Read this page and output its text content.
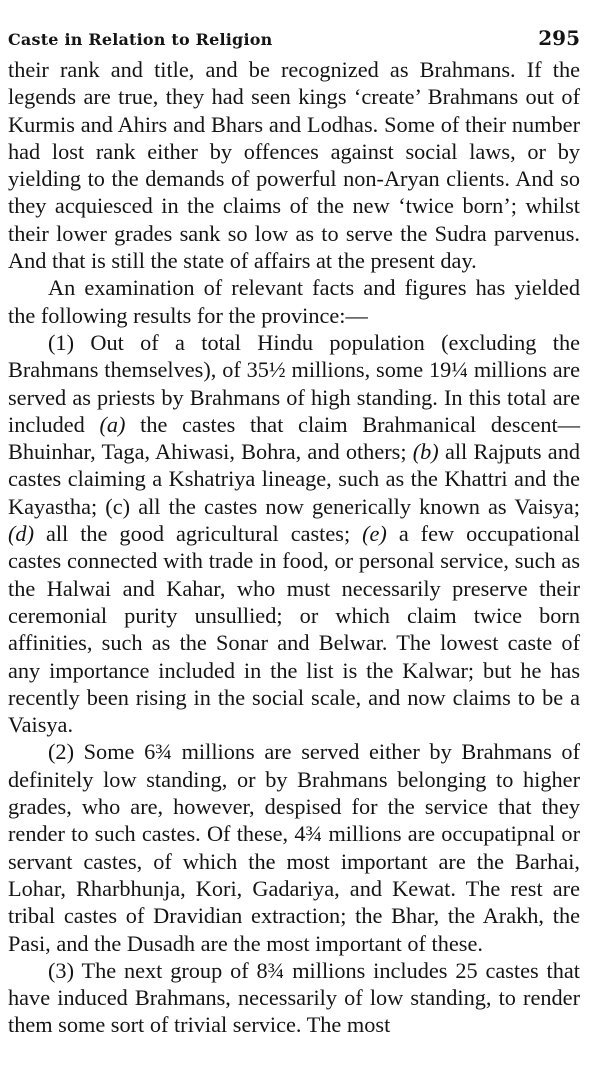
Caste in Relation to Religion	295

their rank and title, and be recognized as Brahmans. If the legends are true, they had seen kings ‘create’ Brahmans out of Kurmis and Ahirs and Bhars and Lodhas. Some of their number had lost rank either by offences against social laws, or by yielding to the demands of powerful non-Aryan clients. And so they acquiesced in the claims of the new ‘twice born’; whilst their lower grades sank so low as to serve the Sudra parvenus. And that is still the state of affairs at the present day.

An examination of relevant facts and figures has yielded the following results for the province:—

(1) Out of a total Hindu population (excluding the Brahmans themselves), of 35½ millions, some 19¼ millions are served as priests by Brahmans of high standing. In this total are included (a) the castes that claim Brahmanical descent—Bhuinhar, Taga, Ahiwasi, Bohra, and others; (b) all Rajputs and castes claiming a Kshatriya lineage, such as the Khattri and the Kayastha; (c) all the castes now generically known as Vaisya; (d) all the good agricultural castes; (e) a few occupational castes connected with trade in food, or personal service, such as the Halwai and Kahar, who must necessarily preserve their ceremonial purity unsullied; or which claim twice born affinities, such as the Sonar and Belwar. The lowest caste of any importance included in the list is the Kalwar; but he has recently been rising in the social scale, and now claims to be a Vaisya.

(2) Some 6¾ millions are served either by Brahmans of definitely low standing, or by Brahmans belonging to higher grades, who are, however, despised for the service that they render to such castes. Of these, 4¾ millions are occupatipnal or servant castes, of which the most important are the Barhai, Lohar, Rharbhunja, Kori, Gadariya, and Kewat. The rest are tribal castes of Dravidian extraction; the Bhar, the Arakh, the Pasi, and the Dusadh are the most important of these.

(3) The next group of 8¾ millions includes 25 castes that have induced Brahmans, necessarily of low standing, to render them some sort of trivial service. The most
